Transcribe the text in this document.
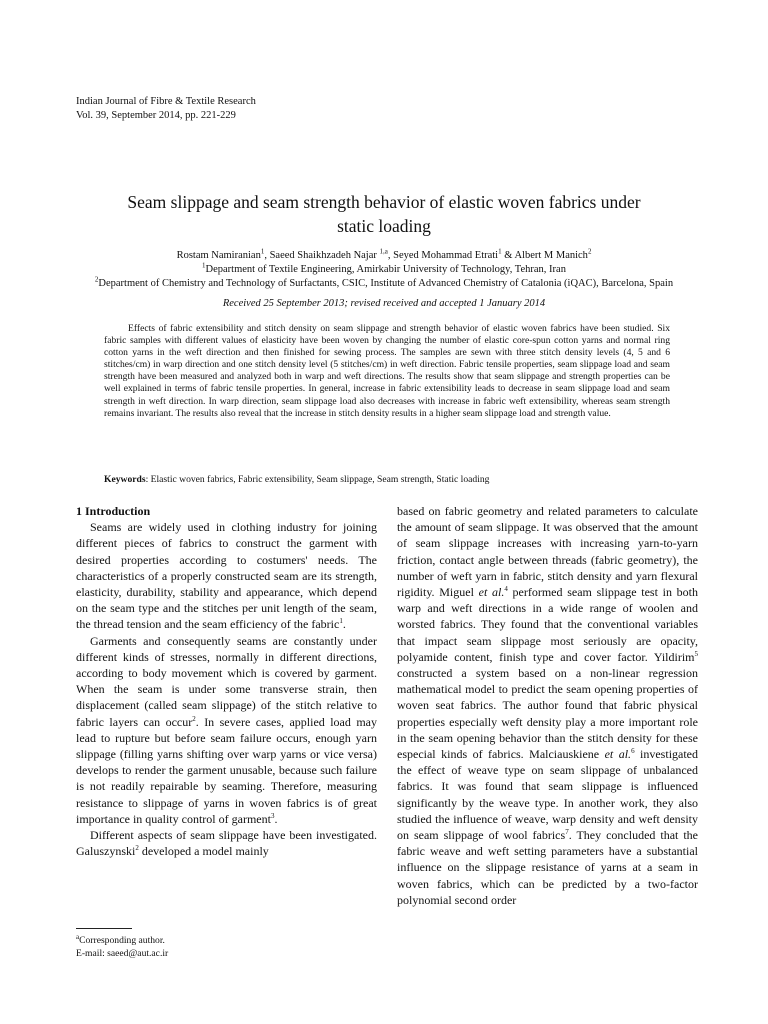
Indian Journal of Fibre & Textile Research
Vol. 39, September 2014, pp. 221-229
Seam slippage and seam strength behavior of elastic woven fabrics under
static loading
Rostam Namiranian$^1$, Saeed Shaikhzadeh Najar $^{1,a}$, Seyed Mohammad Etrati$^1$ & Albert M Manich$^2$
$^1$Department of Textile Engineering, Amirkabir University of Technology, Tehran, Iran
$^2$Department of Chemistry and Technology of Surfactants, CSIC, Institute of Advanced Chemistry of Catalonia (iQAC), Barcelona, Spain
Received 25 September 2013; revised received and accepted 1 January 2014
Effects of fabric extensibility and stitch density on seam slippage and strength behavior of elastic woven fabrics have been studied. Six fabric samples with different values of elasticity have been woven by changing the number of elastic core-spun cotton yarns and normal ring cotton yarns in the weft direction and then finished for sewing process. The samples are sewn with three stitch density levels (4, 5 and 6 stitches/cm) in warp direction and one stitch density level (5 stitches/cm) in weft direction. Fabric tensile properties, seam slippage load and seam strength have been measured and analyzed both in warp and weft directions. The results show that seam slippage and strength properties can be well explained in terms of fabric tensile properties. In general, increase in fabric extensibility leads to decrease in seam slippage load and seam strength in weft direction. In warp direction, seam slippage load also decreases with increase in fabric weft extensibility, whereas seam strength remains invariant. The results also reveal that the increase in stitch density results in a higher seam slippage load and strength value.
Keywords: Elastic woven fabrics, Fabric extensibility, Seam slippage, Seam strength, Static loading
1 Introduction

Seams are widely used in clothing industry for joining different pieces of fabrics to construct the garment with desired properties according to costumers' needs. The characteristics of a properly constructed seam are its strength, elasticity, durability, stability and appearance, which depend on the seam type and the stitches per unit length of the seam, the thread tension and the seam efficiency of the fabric$^1$.

Garments and consequently seams are constantly under different kinds of stresses, normally in different directions, according to body movement which is covered by garment. When the seam is under some transverse strain, then displacement (called seam slippage) of the stitch relative to fabric layers can occur$^2$. In severe cases, applied load may lead to rupture but before seam failure occurs, enough yarn slippage (filling yarns shifting over warp yarns or vice versa) develops to render the garment unusable, because such failure is not readily repairable by seaming. Therefore, measuring resistance to slippage of yarns in woven fabrics is of great importance in quality control of garment$^3$.

Different aspects of seam slippage have been investigated. Galuszynski$^2$ developed a model mainly

based on fabric geometry and related parameters to calculate the amount of seam slippage. It was observed that the amount of seam slippage increases with increasing yarn-to-yarn friction, contact angle between threads (fabric geometry), the number of weft yarn in fabric, stitch density and yarn flexural rigidity. Miguel et al.$^4$ performed seam slippage test in both warp and weft directions in a wide range of woolen and worsted fabrics. They found that the conventional variables that impact seam slippage most seriously are opacity, polyamide content, finish type and cover factor. Yildirim$^5$ constructed a system based on a non-linear regression mathematical model to predict the seam opening properties of woven seat fabrics. The author found that fabric physical properties especially weft density play a more important role in the seam opening behavior than the stitch density for these especial kinds of fabrics. Malciauskiene et al.$^6$ investigated the effect of weave type on seam slippage of unbalanced fabrics. It was found that seam slippage is influenced significantly by the weave type. In another work, they also studied the influence of weave, warp density and weft density on seam slippage of wool fabrics$^7$. They concluded that the fabric weave and weft setting parameters have a substantial influence on the slippage resistance of yarns at a seam in woven fabrics, which can be predicted by a two-factor polynomial second order

$^a$Corresponding author.
E-mail: saeed@aut.ac.ir
